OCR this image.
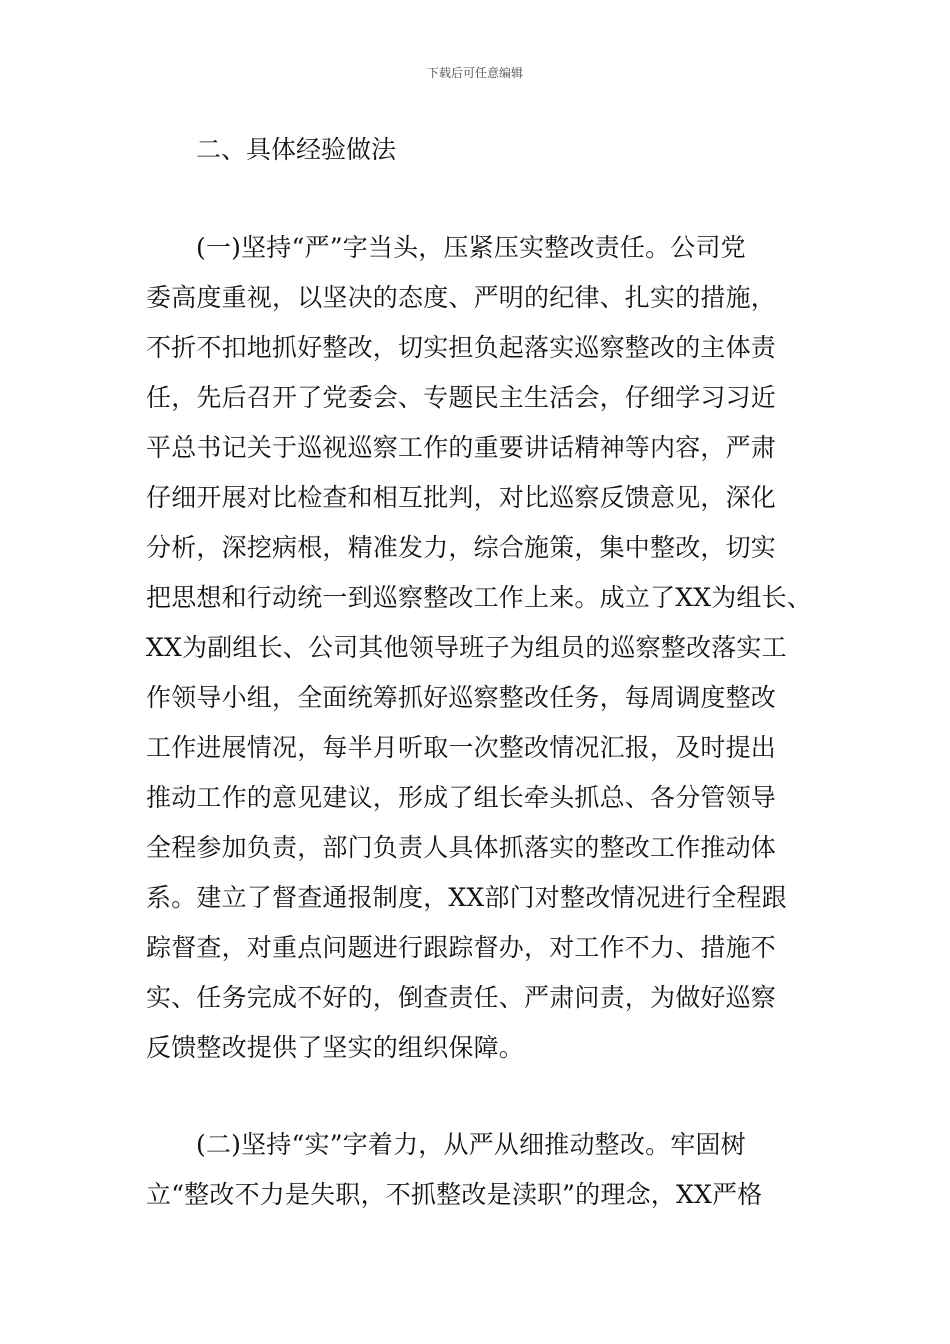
下载后可任意编辑
二、具体经验做法
(一)坚持“严”字当头，压紧压实整改责任。公司党
委高度重视，以坚决的态度、严明的纪律、扎实的措施，
不折不扣地抓好整改，切实担负起落实巡察整改的主体责
任，先后召开了党委会、专题民主生活会，仔细学习习近
平总书记关于巡视巡察工作的重要讲话精神等内容，严肃
仔细开展对比检查和相互批判，对比巡察反馈意见，深化
分析，深挖病根，精准发力，综合施策，集中整改，切实
把思想和行动统一到巡察整改工作上来。成立了XX为组长、
XX为副组长、公司其他领导班子为组员的巡察整改落实工
作领导小组，全面统筹抓好巡察整改任务，每周调度整改
工作进展情况，每半月听取一次整改情况汇报，及时提出
推动工作的意见建议，形成了组长牵头抓总、各分管领导
全程参加负责，部门负责人具体抓落实的整改工作推动体
系。建立了督查通报制度，XX部门对整改情况进行全程跟
踪督查，对重点问题进行跟踪督办，对工作不力、措施不
实、任务完成不好的，倒查责任、严肃问责，为做好巡察
反馈整改提供了坚实的组织保障。
(二)坚持“实”字着力，从严从细推动整改。牢固树
立“整改不力是失职，不抓整改是渎职”的理念，XX严格
